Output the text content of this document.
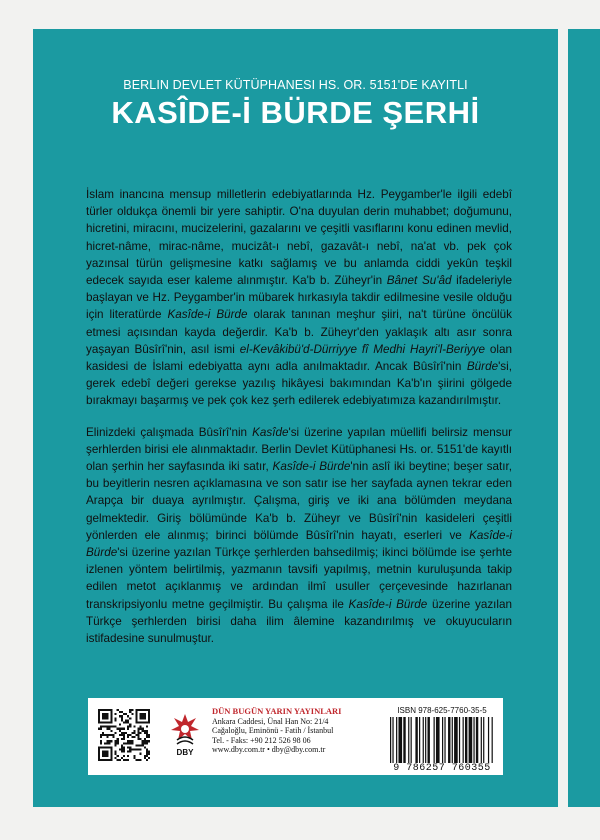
BERLIN DEVLET KÜTÜPHANESI HS. OR. 5151'DE KAYITLI
KASÎDE-İ BÜRDE ŞERHİ

İslam inancına mensup milletlerin edebiyatlarında Hz. Peygamber'le ilgili edebî türler oldukça önemli bir yere sahiptir. O'na duyulan derin muhabbet; doğumunu, hicretini, miracını, mucizelerini, gazalarını ve çeşitli vasıflarını konu edinen mevlid, hicret-nâme, mirac-nâme, mucizât-ı nebî, gazavât-ı nebî, na'at vb. pek çok yazınsal türün gelişmesine katkı sağlamış ve bu anlamda ciddi yekûn teşkil edecek sayıda eser kaleme alınmıştır. Ka'b b. Züheyr'in Bânet Su'âd ifadeleriyle başlayan ve Hz. Peygamber'in mübarek hırkasıyla takdir edilmesine vesile olduğu için literatürde Kasîde-i Bürde olarak tanınan meşhur şiiri, na't türüne öncülük etmesi açısından kayda değerdir. Ka'b b. Züheyr'den yaklaşık altı asır sonra yaşayan Bûsîrî'nin, asıl ismi el-Kevâkibü'd-Dürriyye fî Medhi Hayri'l-Beriyye olan kasidesi de İslami edebiyatta aynı adla anılmaktadır. Ancak Bûsîrî'nin Bürde'si, gerek edebî değeri gerekse yazılış hikâyesi bakımından Ka'b'ın şiirini gölgede bırakmayı başarmış ve pek çok kez şerh edilerek edebiyatımıza kazandırılmıştır.

Elinizdeki çalışmada Bûsîrî'nin Kasîde'si üzerine yapılan müellifi belirsiz mensur şerhlerden birisi ele alınmaktadır. Berlin Devlet Kütüphanesi Hs. or. 5151'de kayıtlı olan şerhin her sayfasında iki satır, Kasîde-i Bürde'nin aslî iki beytine; beşer satır, bu beyitlerin nesren açıklamasına ve son satır ise her sayfada aynen tekrar eden Arapça bir duaya ayrılmıştır. Çalışma, giriş ve iki ana bölümden meydana gelmektedir. Giriş bölümünde Ka'b b. Züheyr ve Bûsîrî'nin kasideleri çeşitli yönlerden ele alınmış; birinci bölümde Bûsîrî'nin hayatı, eserleri ve Kasîde-i Bürde'si üzerine yazılan Türkçe şerhlerden bahsedilmiş; ikinci bölümde ise şerhte izlenen yöntem belirtilmiş, yazmanın tavsifi yapılmış, metnin kuruluşunda takip edilen metot açıklanmış ve ardından ilmî usuller çerçevesinde hazırlanan transkripsiyonlu metne geçilmiştir. Bu çalışma ile Kasîde-i Bürde üzerine yazılan Türkçe şerhlerden birisi daha ilim âlemine kazandırılmış ve okuyucuların istifadesine sunulmuştur.

DBY
DÜN BUGÜN YARIN YAYINLARI
Ankara Caddesi, Ünal Han No: 21/4
Cağaloğlu, Eminönü - Fatih / İstanbul
Tel. - Faks: +90 212 526 98 06
www.dby.com.tr • dby@dby.com.tr
ISBN 978-625-7760-35-5
9 786257 760355
